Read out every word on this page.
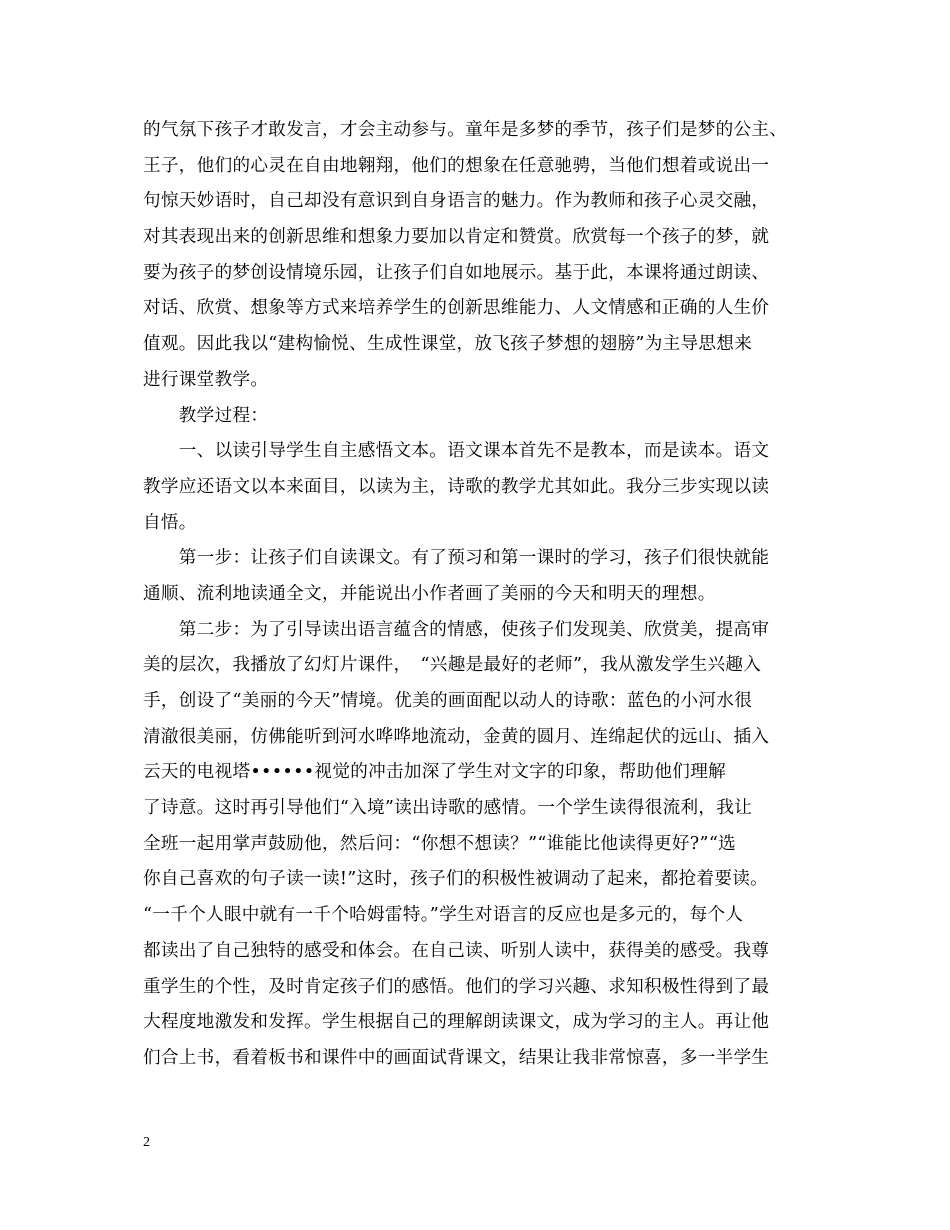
的气氛下孩子才敢发言，才会主动参与。童年是多梦的季节，孩子们是梦的公主、
王子，他们的心灵在自由地翱翔，他们的想象在任意驰骋，当他们想着或说出一
句惊天妙语时，自己却没有意识到自身语言的魅力。作为教师和孩子心灵交融，
对其表现出来的创新思维和想象力要加以肯定和赞赏。欣赏每一个孩子的梦，就
要为孩子的梦创设情境乐园，让孩子们自如地展示。基于此，本课将通过朗读、
对话、欣赏、想象等方式来培养学生的创新思维能力、人文情感和正确的人生价
值观。因此我以“建构愉悦、生成性课堂，放飞孩子梦想的翅膀”为主导思想来
进行课堂教学。
　　教学过程：
　　一、以读引导学生自主感悟文本。语文课本首先不是教本，而是读本。语文
教学应还语文以本来面目，以读为主，诗歌的教学尤其如此。我分三步实现以读
自悟。
　　第一步：让孩子们自读课文。有了预习和第一课时的学习，孩子们很快就能
通顺、流利地读通全文，并能说出小作者画了美丽的今天和明天的理想。
　　第二步：为了引导读出语言蕴含的情感，使孩子们发现美、欣赏美，提高审
美的层次，我播放了幻灯片课件，　“兴趣是最好的老师”，我从激发学生兴趣入
手，创设了“美丽的今天”情境。优美的画面配以动人的诗歌：蓝色的小河水很
清澈很美丽，仿佛能听到河水哗哗地流动，金黄的圆月、连绵起伏的远山、插入
云天的电视塔••••••视觉的冲击加深了学生对文字的印象，帮助他们理解
了诗意。这时再引导他们“入境”读出诗歌的感情。一个学生读得很流利，我让
全班一起用掌声鼓励他，然后问：“你想不想读？”“谁能比他读得更好?”“选
你自己喜欢的句子读一读!”这时，孩子们的积极性被调动了起来，都抢着要读。
“一千个人眼中就有一千个哈姆雷特。”学生对语言的反应也是多元的，每个人
都读出了自己独特的感受和体会。在自己读、听别人读中，获得美的感受。我尊
重学生的个性，及时肯定孩子们的感悟。他们的学习兴趣、求知积极性得到了最
大程度地激发和发挥。学生根据自己的理解朗读课文，成为学习的主人。再让他
们合上书，看着板书和课件中的画面试背课文，结果让我非常惊喜，多一半学生
2
